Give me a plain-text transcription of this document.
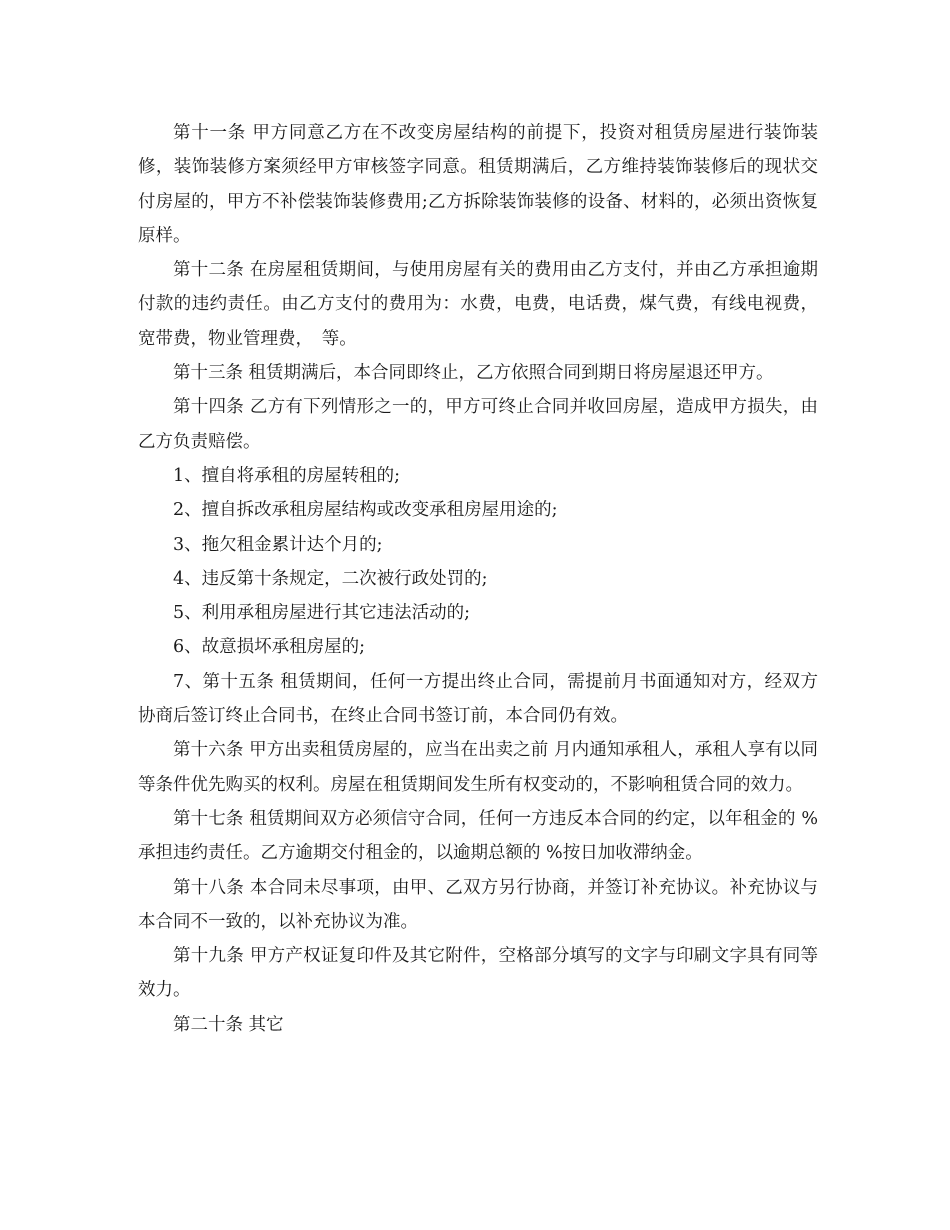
第十一条 甲方同意乙方在不改变房屋结构的前提下，投资对租赁房屋进行装饰装修，装饰装修方案须经甲方审核签字同意。租赁期满后，乙方维持装饰装修后的现状交付房屋的，甲方不补偿装饰装修费用;乙方拆除装饰装修的设备、材料的，必须出资恢复原样。

第十二条 在房屋租赁期间，与使用房屋有关的费用由乙方支付，并由乙方承担逾期付款的违约责任。由乙方支付的费用为：水费，电费，电话费，煤气费，有线电视费，宽带费，物业管理费，　等。

第十三条 租赁期满后，本合同即终止，乙方依照合同到期日将房屋退还甲方。

第十四条 乙方有下列情形之一的，甲方可终止合同并收回房屋，造成甲方损失，由乙方负责赔偿。

1、擅自将承租的房屋转租的;

2、擅自拆改承租房屋结构或改变承租房屋用途的;

3、拖欠租金累计达个月的;

4、违反第十条规定，二次被行政处罚的;

5、利用承租房屋进行其它违法活动的;

6、故意损坏承租房屋的;

7、第十五条 租赁期间，任何一方提出终止合同，需提前月书面通知对方，经双方协商后签订终止合同书，在终止合同书签订前，本合同仍有效。

第十六条 甲方出卖租赁房屋的，应当在出卖之前 月内通知承租人，承租人享有以同等条件优先购买的权利。房屋在租赁期间发生所有权变动的，不影响租赁合同的效力。

第十七条 租赁期间双方必须信守合同，任何一方违反本合同的约定，以年租金的 %承担违约责任。乙方逾期交付租金的，以逾期总额的 %按日加收滞纳金。

第十八条 本合同未尽事项，由甲、乙双方另行协商，并签订补充协议。补充协议与本合同不一致的，以补充协议为准。

第十九条 甲方产权证复印件及其它附件，空格部分填写的文字与印刷文字具有同等效力。

第二十条 其它
